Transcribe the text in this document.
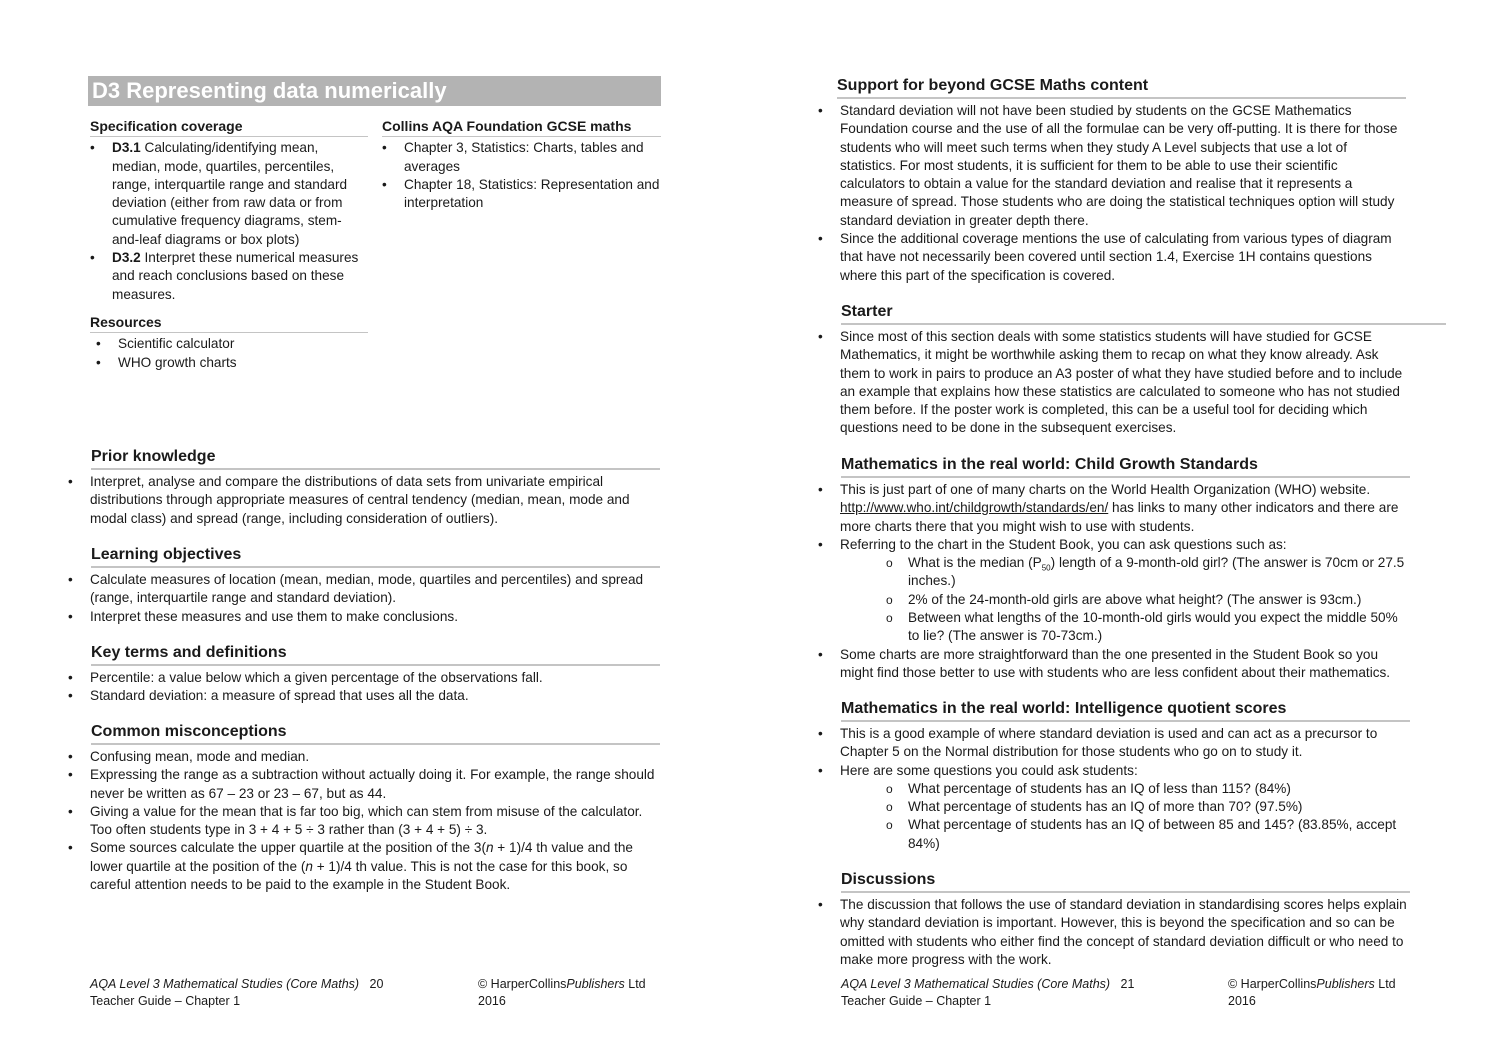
D3 Representing data numerically
Specification coverage
• D3.1 Calculating/identifying mean, median, mode, quartiles, percentiles, range, interquartile range and standard deviation (either from raw data or from cumulative frequency diagrams, stem-and-leaf diagrams or box plots)
• D3.2 Interpret these numerical measures and reach conclusions based on these measures.
Collins AQA Foundation GCSE maths
• Chapter 3, Statistics: Charts, tables and averages
• Chapter 18, Statistics: Representation and interpretation
Resources
• Scientific calculator
• WHO growth charts
Prior knowledge
• Interpret, analyse and compare the distributions of data sets from univariate empirical distributions through appropriate measures of central tendency (median, mean, mode and modal class) and spread (range, including consideration of outliers).
Learning objectives
• Calculate measures of location (mean, median, mode, quartiles and percentiles) and spread (range, interquartile range and standard deviation).
• Interpret these measures and use them to make conclusions.
Key terms and definitions
• Percentile: a value below which a given percentage of the observations fall.
• Standard deviation: a measure of spread that uses all the data.
Common misconceptions
• Confusing mean, mode and median.
• Expressing the range as a subtraction without actually doing it. For example, the range should never be written as 67 – 23 or 23 – 67, but as 44.
• Giving a value for the mean that is far too big, which can stem from misuse of the calculator. Too often students type in 3 + 4 + 5 ÷ 3 rather than (3 + 4 + 5) ÷ 3.
• Some sources calculate the upper quartile at the position of the 3(n + 1)/4 th value and the lower quartile at the position of the (n + 1)/4 th value. This is not the case for this book, so careful attention needs to be paid to the example in the Student Book.
AQA Level 3 Mathematical Studies (Core Maths) 20
Teacher Guide – Chapter 1
© HarperCollinsPublishers Ltd 2016
Support for beyond GCSE Maths content
• Standard deviation will not have been studied by students on the GCSE Mathematics Foundation course and the use of all the formulae can be very off-putting. It is there for those students who will meet such terms when they study A Level subjects that use a lot of statistics. For most students, it is sufficient for them to be able to use their scientific calculators to obtain a value for the standard deviation and realise that it represents a measure of spread. Those students who are doing the statistical techniques option will study standard deviation in greater depth there.
• Since the additional coverage mentions the use of calculating from various types of diagram that have not necessarily been covered until section 1.4, Exercise 1H contains questions where this part of the specification is covered.
Starter
• Since most of this section deals with some statistics students will have studied for GCSE Mathematics, it might be worthwhile asking them to recap on what they know already. Ask them to work in pairs to produce an A3 poster of what they have studied before and to include an example that explains how these statistics are calculated to someone who has not studied them before. If the poster work is completed, this can be a useful tool for deciding which questions need to be done in the subsequent exercises.
Mathematics in the real world: Child Growth Standards
• This is just part of one of many charts on the World Health Organization (WHO) website. http://www.who.int/childgrowth/standards/en/ has links to many other indicators and there are more charts there that you might wish to use with students.
• Referring to the chart in the Student Book, you can ask questions such as:
o What is the median $(P_{50})$ length of a 9-month-old girl? (The answer is 70cm or 27.5 inches.)
o 2% of the 24-month-old girls are above what height? (The answer is 93cm.)
o Between what lengths of the 10-month-old girls would you expect the middle 50% to lie? (The answer is 70-73cm.)
• Some charts are more straightforward than the one presented in the Student Book so you might find those better to use with students who are less confident about their mathematics.
Mathematics in the real world: Intelligence quotient scores
• This is a good example of where standard deviation is used and can act as a precursor to Chapter 5 on the Normal distribution for those students who go on to study it.
• Here are some questions you could ask students:
o What percentage of students has an IQ of less than 115? (84%)
o What percentage of students has an IQ of more than 70? (97.5%)
o What percentage of students has an IQ of between 85 and 145? (83.85%, accept 84%)
Discussions
• The discussion that follows the use of standard deviation in standardising scores helps explain why standard deviation is important. However, this is beyond the specification and so can be omitted with students who either find the concept of standard deviation difficult or who need to make more progress with the work.
AQA Level 3 Mathematical Studies (Core Maths) 21
Teacher Guide – Chapter 1
© HarperCollinsPublishers Ltd 2016
